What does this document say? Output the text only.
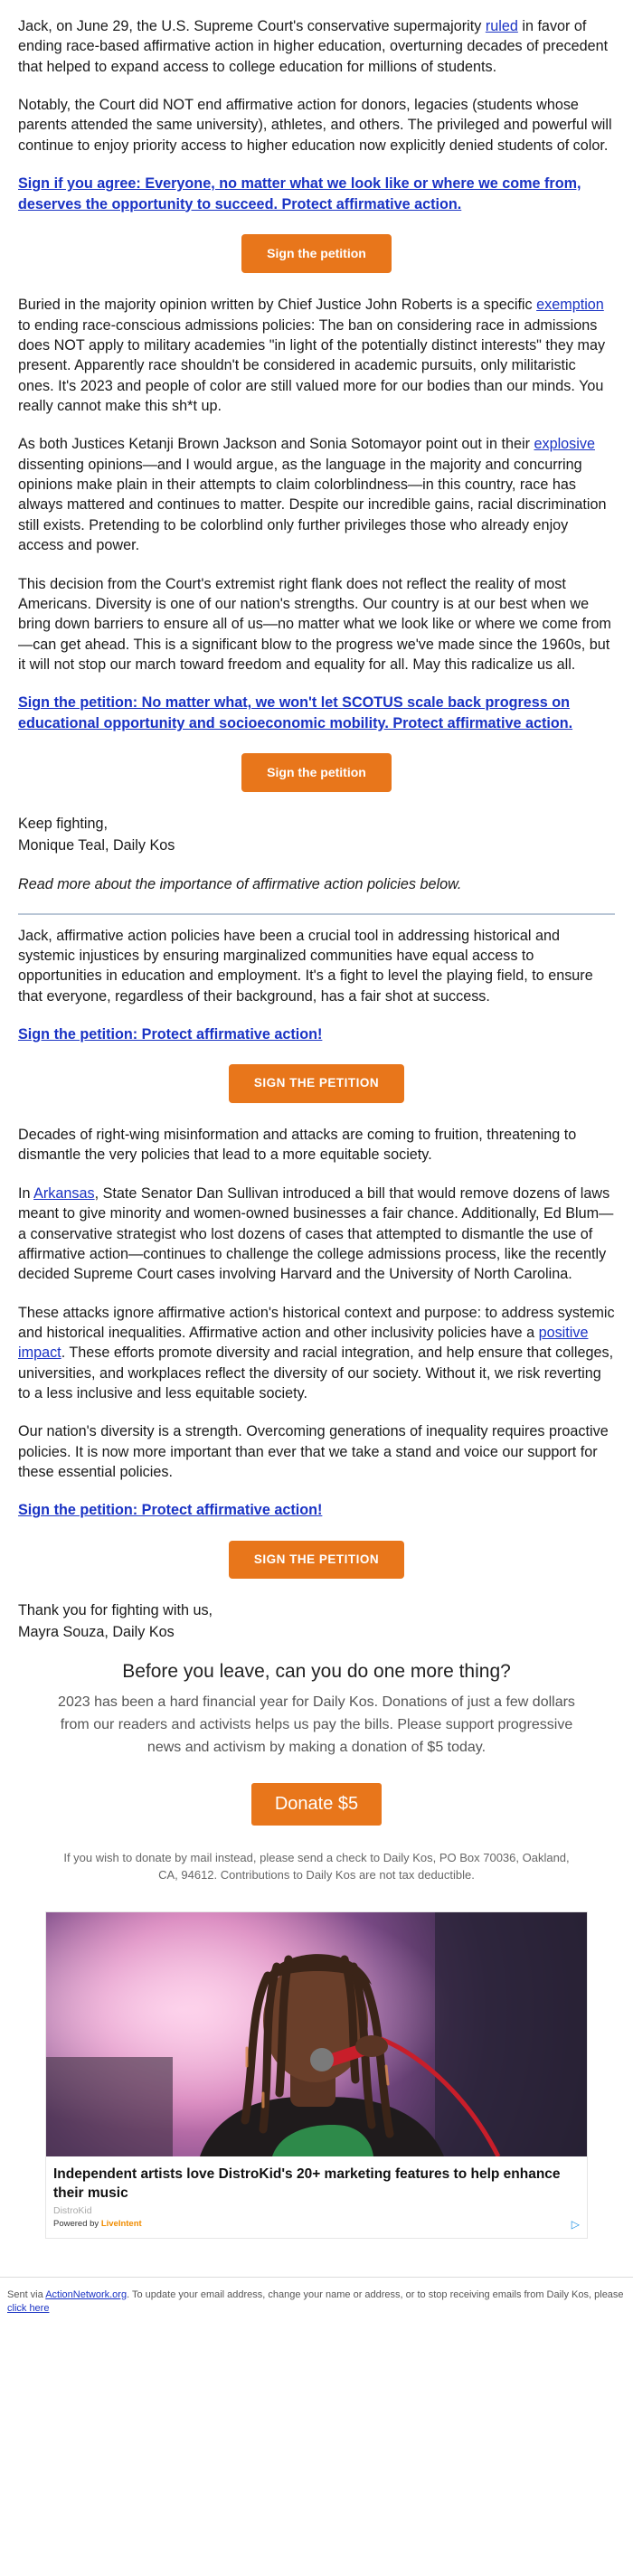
Jack, on June 29, the U.S. Supreme Court's conservative supermajority ruled in favor of ending race-based affirmative action in higher education, overturning decades of precedent that helped to expand access to college education for millions of students.

Notably, the Court did NOT end affirmative action for donors, legacies (students whose parents attended the same university), athletes, and others. The privileged and powerful will continue to enjoy priority access to higher education now explicitly denied students of color.

Sign if you agree: Everyone, no matter what we look like or where we come from, deserves the opportunity to succeed. Protect affirmative action.

Sign the petition

Buried in the majority opinion written by Chief Justice John Roberts is a specific exemption to ending race-conscious admissions policies: The ban on considering race in admissions does NOT apply to military academies "in light of the potentially distinct interests" they may present. Apparently race shouldn't be considered in academic pursuits, only militaristic ones. It's 2023 and people of color are still valued more for our bodies than our minds. You really cannot make this sh*t up.

As both Justices Ketanji Brown Jackson and Sonia Sotomayor point out in their explosive dissenting opinions—and I would argue, as the language in the majority and concurring opinions make plain in their attempts to claim colorblindness—in this country, race has always mattered and continues to matter. Despite our incredible gains, racial discrimination still exists. Pretending to be colorblind only further privileges those who already enjoy access and power.

This decision from the Court's extremist right flank does not reflect the reality of most Americans. Diversity is one of our nation's strengths. Our country is at our best when we bring down barriers to ensure all of us—no matter what we look like or where we come from—can get ahead. This is a significant blow to the progress we've made since the 1960s, but it will not stop our march toward freedom and equality for all. May this radicalize us all.

Sign the petition: No matter what, we won't let SCOTUS scale back progress on educational opportunity and socioeconomic mobility. Protect affirmative action.

Sign the petition
Keep fighting,
Monique Teal, Daily Kos

Read more about the importance of affirmative action policies below.

Jack, affirmative action policies have been a crucial tool in addressing historical and systemic injustices by ensuring marginalized communities have equal access to opportunities in education and employment. It's a fight to level the playing field, to ensure that everyone, regardless of their background, has a fair shot at success.

Sign the petition: Protect affirmative action!

SIGN THE PETITION

Decades of right-wing misinformation and attacks are coming to fruition, threatening to dismantle the very policies that lead to a more equitable society.

In Arkansas, State Senator Dan Sullivan introduced a bill that would remove dozens of laws meant to give minority and women-owned businesses a fair chance. Additionally, Ed Blum—a conservative strategist who lost dozens of cases that attempted to dismantle the use of affirmative action—continues to challenge the college admissions process, like the recently decided Supreme Court cases involving Harvard and the University of North Carolina.

These attacks ignore affirmative action's historical context and purpose: to address systemic and historical inequalities. Affirmative action and other inclusivity policies have a positive impact. These efforts promote diversity and racial integration, and help ensure that colleges, universities, and workplaces reflect the diversity of our society. Without it, we risk reverting to a less inclusive and less equitable society.

Our nation's diversity is a strength. Overcoming generations of inequality requires proactive policies. It is now more important than ever that we take a stand and voice our support for these essential policies.

Sign the petition: Protect affirmative action!

SIGN THE PETITION
Thank you for fighting with us,
Mayra Souza, Daily Kos
Before you leave, can you do one more thing?

2023 has been a hard financial year for Daily Kos. Donations of just a few dollars from our readers and activists helps us pay the bills. Please support progressive news and activism by making a donation of $5 today.

Donate $5

If you wish to donate by mail instead, please send a check to Daily Kos, PO Box 70036, Oakland, CA, 94612. Contributions to Daily Kos are not tax deductible.

Independent artists love DistroKid's 20+ marketing features to help enhance their music
DistroKid
Powered by LiveIntent	▷
Sent via ActionNetwork.org. To update your email address, change your name or address, or to stop receiving emails from Daily Kos, please click here
